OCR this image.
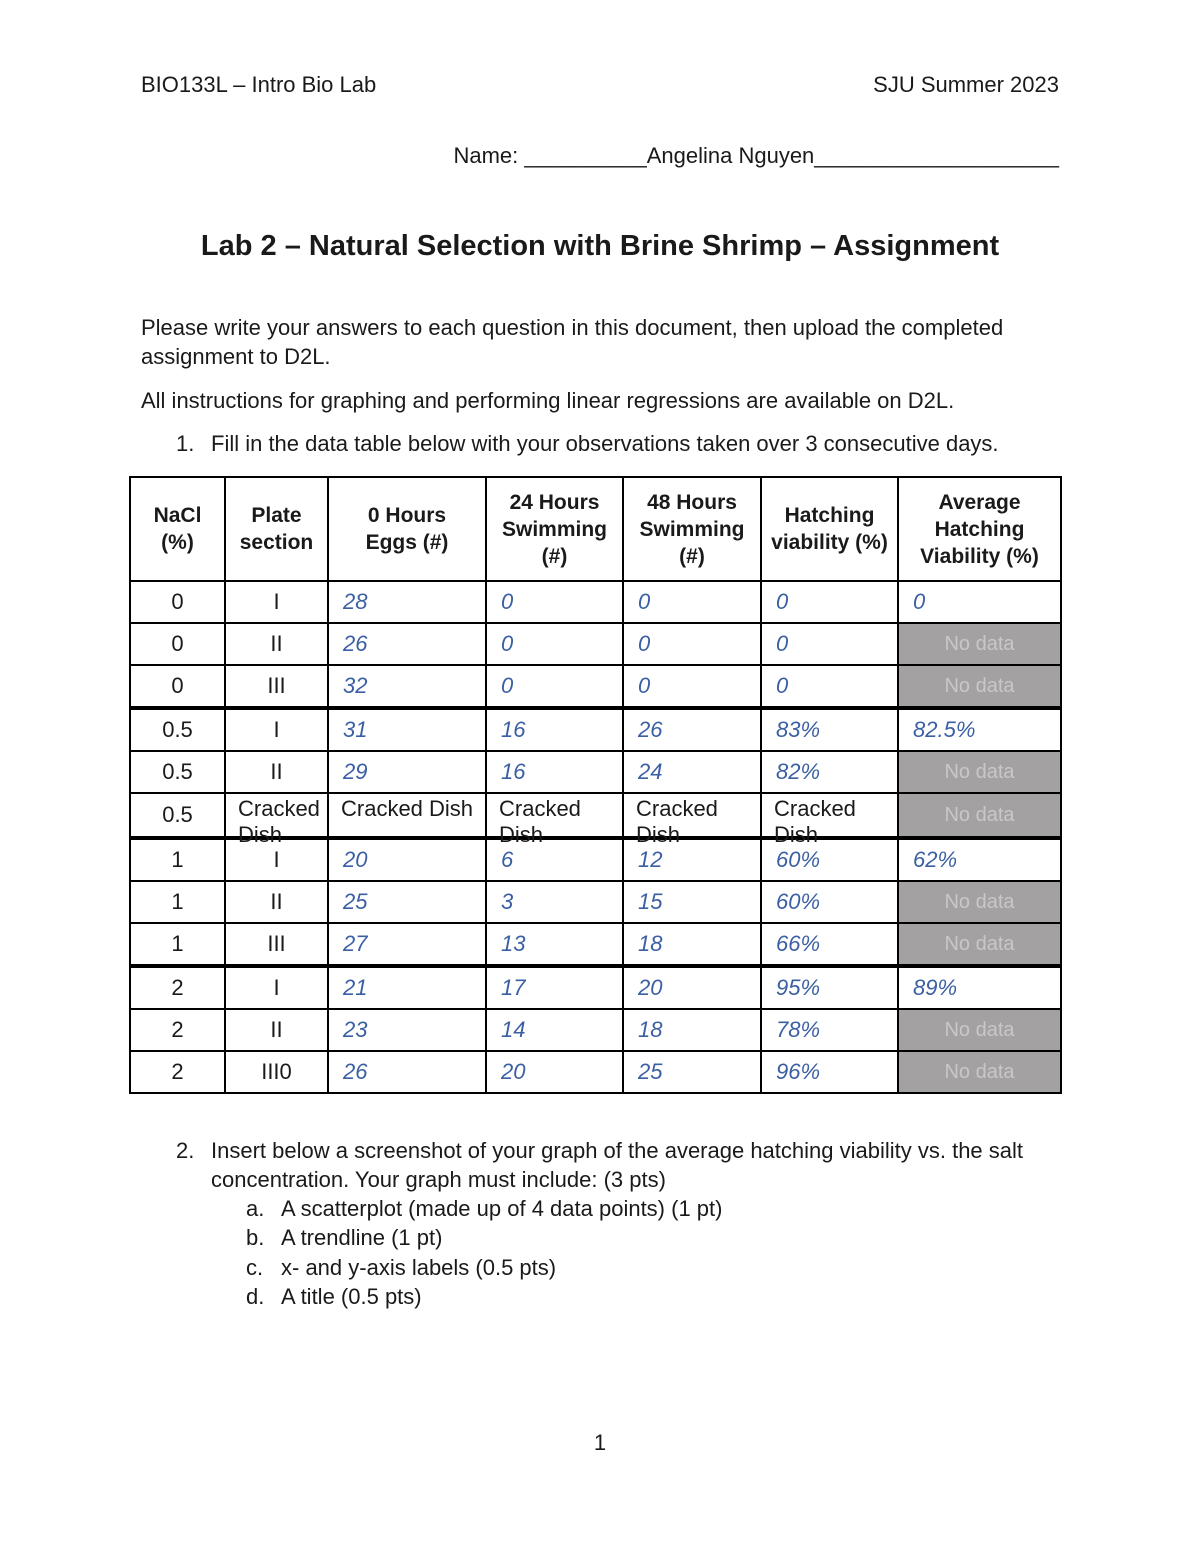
BIO133L – Intro Bio Lab	SJU Summer 2023
Name: __________Angelina Nguyen____________________
Lab 2 – Natural Selection with Brine Shrimp – Assignment
Please write your answers to each question in this document, then upload the completed assignment to D2L.
All instructions for graphing and performing linear regressions are available on D2L.
1. Fill in the data table below with your observations taken over 3 consecutive days.
NaCl (%)	Plate section	0 Hours Eggs (#)	24 Hours Swimming (#)	48 Hours Swimming (#)	Hatching viability (%)	Average Hatching Viability (%)
0	I	28	0	0	0	0
0	II	26	0	0	0	No data
0	III	32	0	0	0	No data
0.5	I	31	16	26	83%	82.5%
0.5	II	29	16	24	82%	No data
0.5	Cracked Dish	Cracked Dish	Cracked Dish	Cracked Dish	Cracked Dish	No data
1	I	20	6	12	60%	62%
1	II	25	3	15	60%	No data
1	III	27	13	18	66%	No data
2	I	21	17	20	95%	89%
2	II	23	14	18	78%	No data
2	III0	26	20	25	96%	No data
2. Insert below a screenshot of your graph of the average hatching viability vs. the salt concentration. Your graph must include: (3 pts)
a. A scatterplot (made up of 4 data points) (1 pt)
b. A trendline (1 pt)
c. x- and y-axis labels (0.5 pts)
d. A title (0.5 pts)
1
